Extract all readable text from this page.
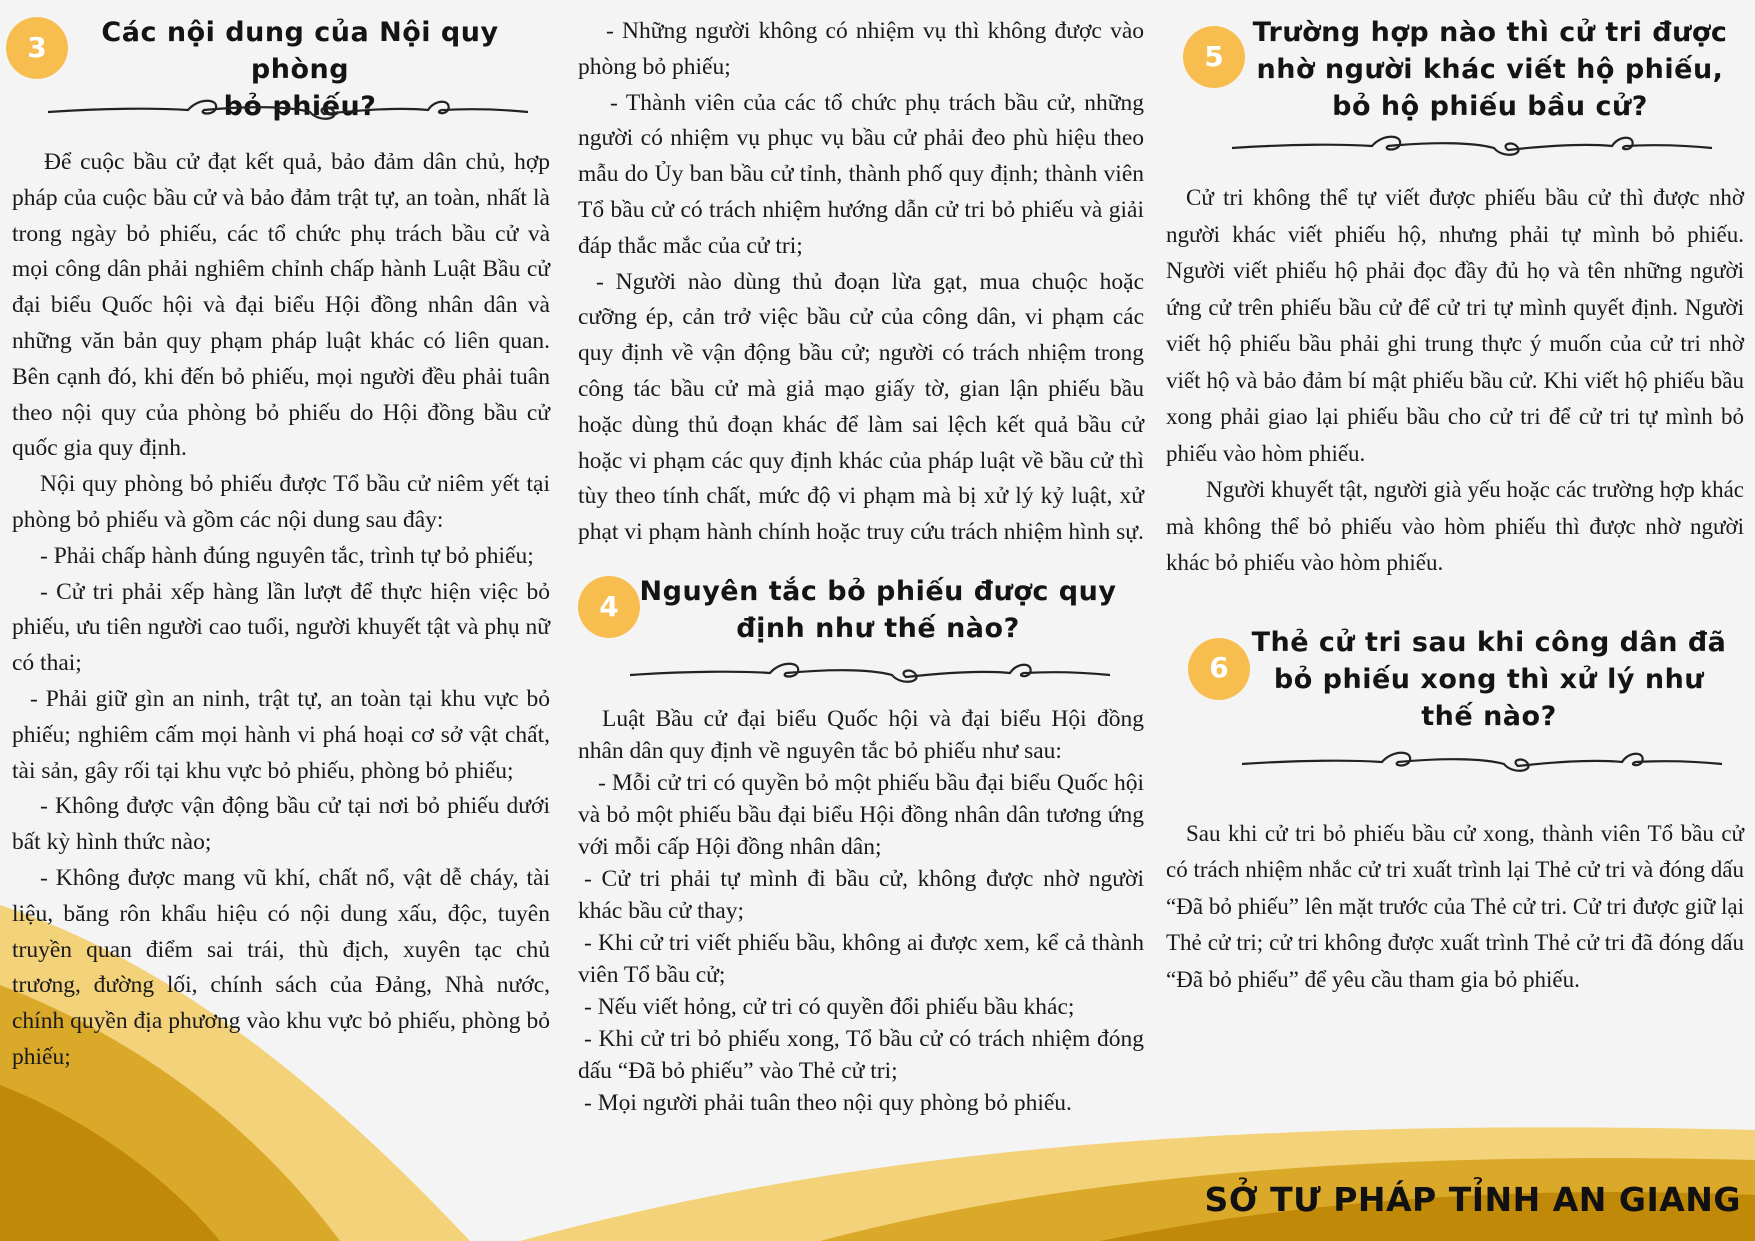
3	Các nội dung của Nội quy phòng
bỏ phiếu?

Để cuộc bầu cử đạt kết quả, bảo đảm dân chủ, hợp pháp của cuộc bầu cử và bảo đảm trật tự, an toàn, nhất là trong ngày bỏ phiếu, các tổ chức phụ trách bầu cử và mọi công dân phải nghiêm chỉnh chấp hành Luật Bầu cử đại biểu Quốc hội và đại biểu Hội đồng nhân dân và những văn bản quy phạm pháp luật khác có liên quan. Bên cạnh đó, khi đến bỏ phiếu, mọi người đều phải tuân theo nội quy của phòng bỏ phiếu do Hội đồng bầu cử quốc gia quy định.

Nội quy phòng bỏ phiếu được Tổ bầu cử niêm yết tại phòng bỏ phiếu và gồm các nội dung sau đây:

- Phải chấp hành đúng nguyên tắc, trình tự bỏ phiếu;

- Cử tri phải xếp hàng lần lượt để thực hiện việc bỏ phiếu, ưu tiên người cao tuổi, người khuyết tật và phụ nữ có thai;

- Phải giữ gìn an ninh, trật tự, an toàn tại khu vực bỏ phiếu; nghiêm cấm mọi hành vi phá hoại cơ sở vật chất, tài sản, gây rối tại khu vực bỏ phiếu, phòng bỏ phiếu;

- Không được vận động bầu cử tại nơi bỏ phiếu dưới bất kỳ hình thức nào;

- Không được mang vũ khí, chất nổ, vật dễ cháy, tài liệu, băng rôn khẩu hiệu có nội dung xấu, độc, tuyên truyền quan điểm sai trái, thù địch, xuyên tạc chủ trương, đường lối, chính sách của Đảng, Nhà nước, chính quyền địa phương vào khu vực bỏ phiếu, phòng bỏ phiếu;

- Những người không có nhiệm vụ thì không được vào phòng bỏ phiếu;

- Thành viên của các tổ chức phụ trách bầu cử, những người có nhiệm vụ phục vụ bầu cử phải đeo phù hiệu theo mẫu do Ủy ban bầu cử tỉnh, thành phố quy định; thành viên Tổ bầu cử có trách nhiệm hướng dẫn cử tri bỏ phiếu và giải đáp thắc mắc của cử tri;

- Người nào dùng thủ đoạn lừa gạt, mua chuộc hoặc cưỡng ép, cản trở việc bầu cử của công dân, vi phạm các quy định về vận động bầu cử; người có trách nhiệm trong công tác bầu cử mà giả mạo giấy tờ, gian lận phiếu bầu hoặc dùng thủ đoạn khác để làm sai lệch kết quả bầu cử hoặc vi phạm các quy định khác của pháp luật về bầu cử thì tùy theo tính chất, mức độ vi phạm mà bị xử lý kỷ luật, xử phạt vi phạm hành chính hoặc truy cứu trách nhiệm hình sự.

4 Nguyên tắc bỏ phiếu được quy
định như thế nào?

Luật Bầu cử đại biểu Quốc hội và đại biểu Hội đồng nhân dân quy định về nguyên tắc bỏ phiếu như sau:

- Mỗi cử tri có quyền bỏ một phiếu bầu đại biểu Quốc hội và bỏ một phiếu bầu đại biểu Hội đồng nhân dân tương ứng với mỗi cấp Hội đồng nhân dân;

- Cử tri phải tự mình đi bầu cử, không được nhờ người khác bầu cử thay;

- Khi cử tri viết phiếu bầu, không ai được xem, kể cả thành viên Tổ bầu cử;

- Nếu viết hỏng, cử tri có quyền đổi phiếu bầu khác;

- Khi cử tri bỏ phiếu xong, Tổ bầu cử có trách nhiệm đóng dấu “Đã bỏ phiếu” vào Thẻ cử tri;

- Mọi người phải tuân theo nội quy phòng bỏ phiếu.

5
Trường hợp nào thì cử tri được
nhờ người khác viết hộ phiếu,
bỏ hộ phiếu bầu cử?

Cử tri không thể tự viết được phiếu bầu cử thì được nhờ người khác viết phiếu hộ, nhưng phải tự mình bỏ phiếu. Người viết phiếu hộ phải đọc đầy đủ họ và tên những người ứng cử trên phiếu bầu cử để cử tri tự mình quyết định. Người viết hộ phiếu bầu phải ghi trung thực ý muốn của cử tri nhờ viết hộ và bảo đảm bí mật phiếu bầu cử. Khi viết hộ phiếu bầu xong phải giao lại phiếu bầu cho cử tri để cử tri tự mình bỏ phiếu vào hòm phiếu.

Người khuyết tật, người già yếu hoặc các trường hợp khác mà không thể bỏ phiếu vào hòm phiếu thì được nhờ người khác bỏ phiếu vào hòm phiếu.

6
Thẻ cử tri sau khi công dân đã
bỏ phiếu xong thì xử lý như
thế nào?

Sau khi cử tri bỏ phiếu bầu cử xong, thành viên Tổ bầu cử có trách nhiệm nhắc cử tri xuất trình lại Thẻ cử tri và đóng dấu “Đã bỏ phiếu” lên mặt trước của Thẻ cử tri. Cử tri được giữ lại Thẻ cử tri; cử tri không được xuất trình Thẻ cử tri đã đóng dấu “Đã bỏ phiếu” để yêu cầu tham gia bỏ phiếu.

SỞ TƯ PHÁP TỈNH AN GIANG
